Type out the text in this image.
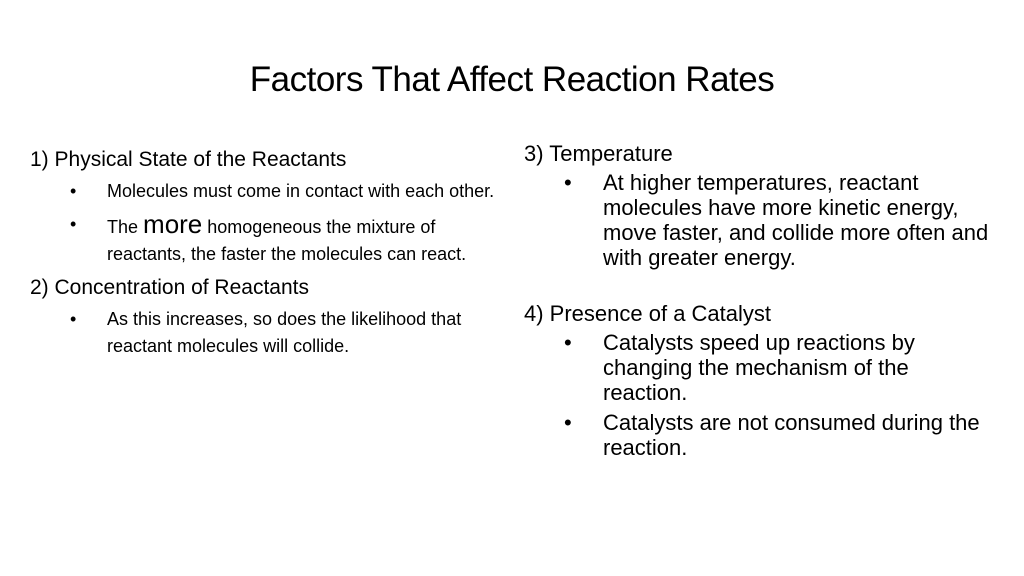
Factors That Affect Reaction Rates
1) Physical State of the Reactants
• Molecules must come in contact with each other.
• The more homogeneous the mixture of reactants, the faster the molecules can react.
2) Concentration of Reactants
• As this increases, so does the likelihood that reactant molecules will collide.
3) Temperature
• At higher temperatures, reactant molecules have more kinetic energy, move faster, and collide more often and with greater energy.
4) Presence of a Catalyst
• Catalysts speed up reactions by changing the mechanism of the reaction.
• Catalysts are not consumed during the reaction.
